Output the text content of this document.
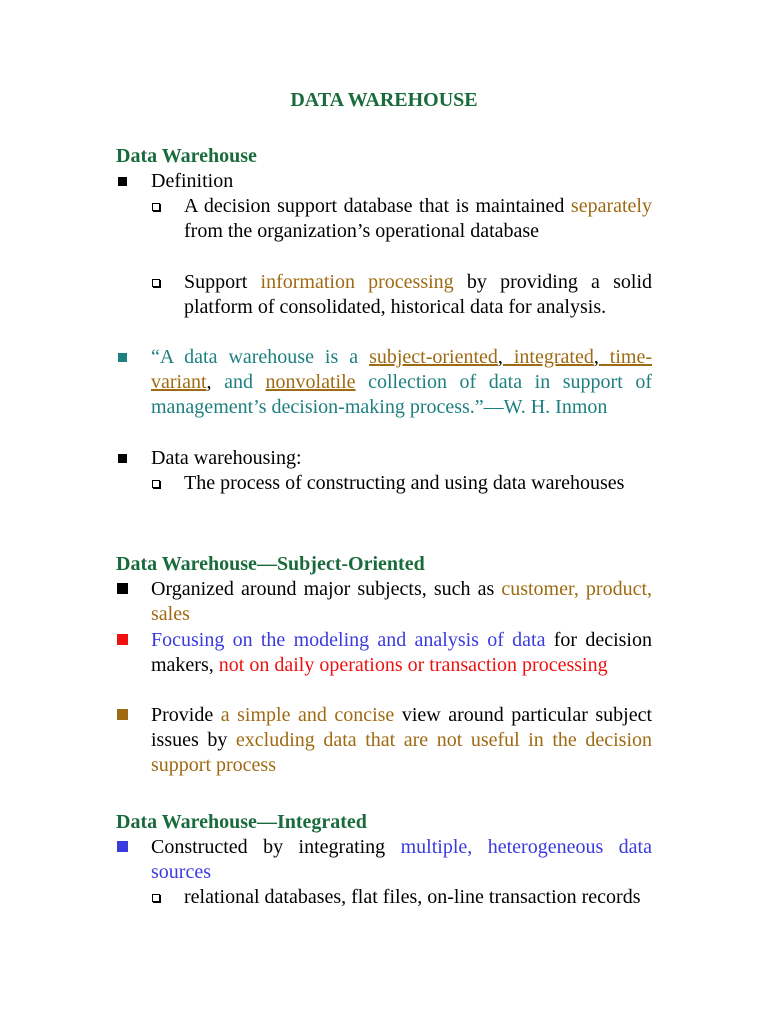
DATA WAREHOUSE
Data Warehouse
Definition
A decision support database that is maintained separately from the organization’s operational database
Support information processing by providing a solid platform of consolidated, historical data for analysis.
“A data warehouse is a subject-oriented, integrated, time-variant, and nonvolatile collection of data in support of management’s decision-making process.”—W. H. Inmon
Data warehousing:
The process of constructing and using data warehouses
Data Warehouse—Subject-Oriented
Organized around major subjects, such as customer, product, sales
Focusing on the modeling and analysis of data for decision makers, not on daily operations or transaction processing
Provide a simple and concise view around particular subject issues by excluding data that are not useful in the decision support process
Data Warehouse—Integrated
Constructed by integrating multiple, heterogeneous data sources
relational databases, flat files, on-line transaction records
